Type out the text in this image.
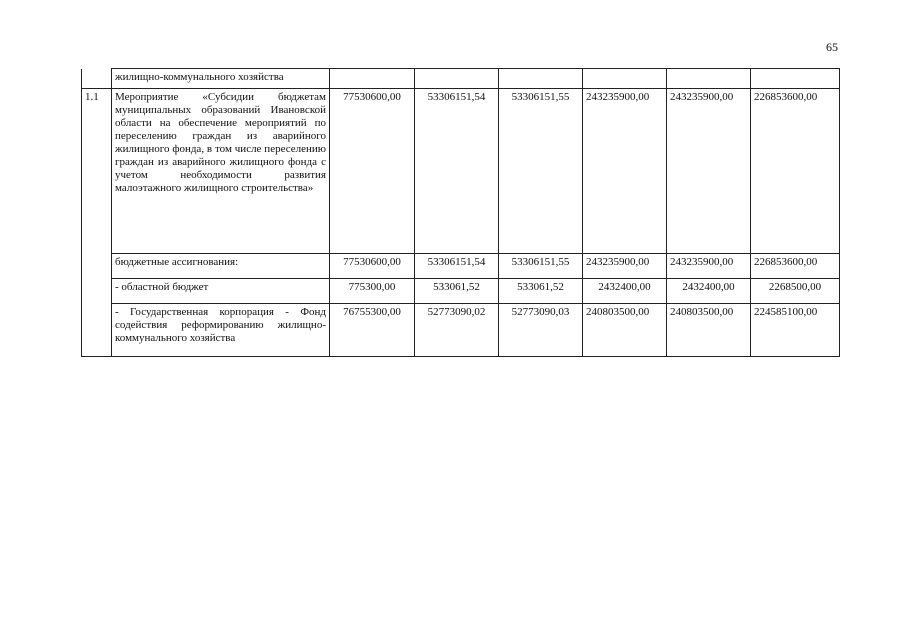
65
	жилищно-коммунального хозяйства						
1.1	Мероприятие «Субсидии бюджетам муниципальных образований Ивановской области на обеспечение мероприятий по переселению граждан из аварийного жилищного фонда, в том числе переселению граждан из аварийного жилищного фонда с учетом необходимости развития малоэтажного жилищного строительства»	77530600,00	53306151,54	53306151,55	243235900,00	243235900,00	226853600,00
	бюджетные ассигнования:	77530600,00	53306151,54	53306151,55	243235900,00	243235900,00	226853600,00
	- областной бюджет	775300,00	533061,52	533061,52	2432400,00	2432400,00	2268500,00
	- Государственная корпорация - Фонд содействия реформированию жилищно-коммунального хозяйства	76755300,00	52773090,02	52773090,03	240803500,00	240803500,00	224585100,00
